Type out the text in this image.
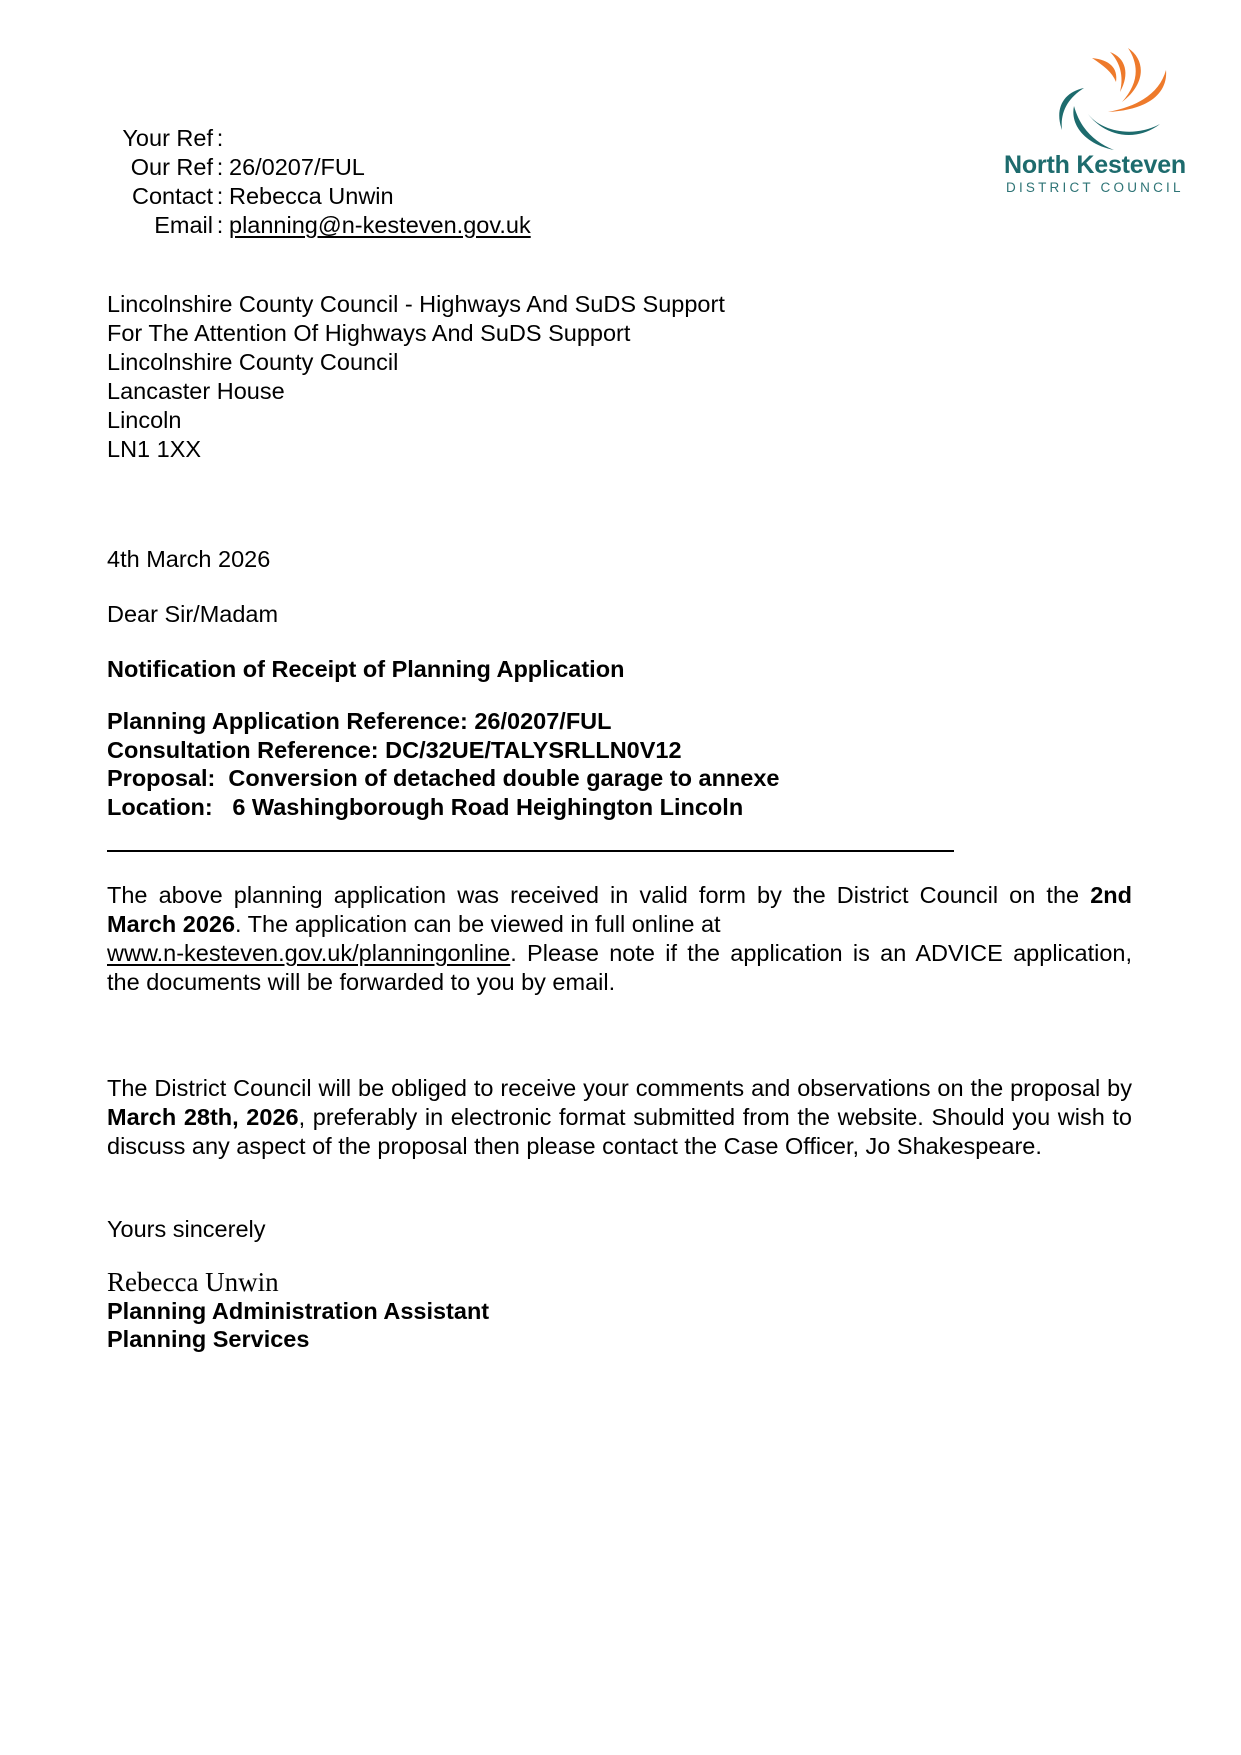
Your Ref :
Our Ref : 26/0207/FUL
Contact : Rebecca Unwin
Email : planning@n-kesteven.gov.uk
North Kesteven
DISTRICT COUNCIL
Lincolnshire County Council - Highways And SuDS Support
For The Attention Of Highways And SuDS Support
Lincolnshire County Council
Lancaster House
Lincoln
LN1 1XX
4th March 2026
Dear Sir/Madam
Notification of Receipt of Planning Application
Planning Application Reference: 26/0207/FUL
Consultation Reference: DC/32UE/TALYSRLLN0V12
Proposal:  Conversion of detached double garage to annexe
Location:   6 Washingborough Road Heighington Lincoln
The above planning application was received in valid form by the District Council on the 2nd March 2026. The application can be viewed in full online at
www.n-kesteven.gov.uk/planningonline. Please note if the application is an ADVICE application, the documents will be forwarded to you by email.
The District Council will be obliged to receive your comments and observations on the proposal by March 28th, 2026, preferably in electronic format submitted from the website. Should you wish to discuss any aspect of the proposal then please contact the Case Officer, Jo Shakespeare.
Yours sincerely
Rebecca Unwin
Planning Administration Assistant
Planning Services
